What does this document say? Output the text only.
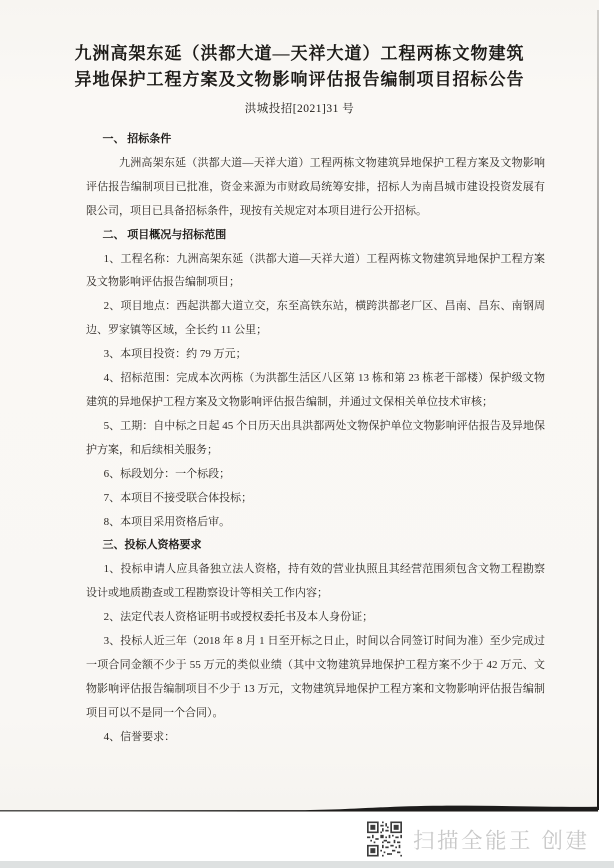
九洲高架东延（洪都大道—天祥大道）工程两栋文物建筑
异地保护工程方案及文物影响评估报告编制项目招标公告
洪城投招[2021]31 号
一、 招标条件

九洲高架东延（洪都大道—天祥大道）工程两栋文物建筑异地保护工程方案及文物影响评估报告编制项目已批准，资金来源为市财政局统筹安排，招标人为南昌城市建设投资发展有限公司，项目已具备招标条件，现按有关规定对本项目进行公开招标。

二、 项目概况与招标范围

1、工程名称：九洲高架东延（洪都大道—天祥大道）工程两栋文物建筑异地保护工程方案及文物影响评估报告编制项目；

2、项目地点：西起洪都大道立交，东至高铁东站，横跨洪都老厂区、昌南、昌东、南钢周边、罗家镇等区域，全长约 11 公里；

3、本项目投资：约 79 万元；

4、招标范围：完成本次两栋（为洪都生活区八区第 13 栋和第 23 栋老干部楼）保护级文物建筑的异地保护工程方案及文物影响评估报告编制，并通过文保相关单位技术审核；

5、工期：自中标之日起 45 个日历天出具洪都两处文物保护单位文物影响评估报告及异地保护方案，和后续相关服务；

6、标段划分：一个标段；

7、本项目不接受联合体投标；

8、本项目采用资格后审。

三、投标人资格要求

1、投标申请人应具备独立法人资格，持有效的营业执照且其经营范围须包含文物工程勘察设计或地质勘查或工程勘察设计等相关工作内容；

2、法定代表人资格证明书或授权委托书及本人身份证；

3、投标人近三年（2018 年 8 月 1 日至开标之日止，时间以合同签订时间为准）至少完成过一项合同金额不少于 55 万元的类似业绩（其中文物建筑异地保护工程方案不少于 42 万元、文物影响评估报告编制项目不少于 13 万元，文物建筑异地保护工程方案和文物影响评估报告编制项目可以不是同一个合同）。

4、信誉要求：

扫描全能王 创建
